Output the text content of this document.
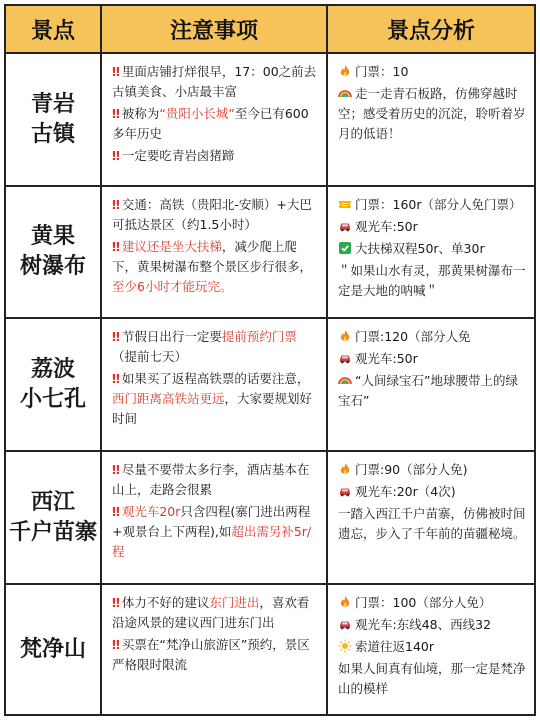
景点	注意事项	景点分析
青岩
古镇
‼ 里面店铺打烊很早，17：00之前去古镇美食、小店最丰富
‼ 被称为“贵阳小长城”至今已有600多年历史
‼ 一定要吃青岩卤猪蹄
门票：10
走一走青石板路，仿佛穿越时空；感受着历史的沉淀，聆听着岁月的低语！
黄果
树瀑布
‼ 交通：高铁（贵阳北-安顺）+大巴可抵达景区（约1.5小时）
‼ 建议还是坐大扶梯，减少爬上爬下，黄果树瀑布整个景区步行很多，至少6小时才能玩完。
门票：160r（部分人免门票）
观光车:50r
大扶梯双程50r、单30r
＂如果山水有灵，那黄果树瀑布一定是大地的呐喊＂
荔波
小七孔
‼ 节假日出行一定要提前预约门票（提前七天）
‼ 如果买了返程高铁票的话要注意，西门距离高铁站更远，大家要规划好时间
门票:120（部分人免
观光车:50r
“人间绿宝石”地球腰带上的绿宝石”
西江
千户苗寨
‼ 尽量不要带太多行李，酒店基本在山上，走路会很累
‼ 观光车20r只含四程(寨门进出两程+观景台上下两程),如超出需另补5r/程
门票:90（部分人免)
观光车:20r（4次)
一踏入西江千户苗寨，仿佛被时间遗忘，步入了千年前的苗疆秘境。
梵净山
‼ 体力不好的建议东门进出，喜欢看沿途风景的建议西门进东门出
‼ 买票在“梵净山旅游区”预约，景区严格限时限流
门票：100（部分人免）
观光车:东线48、西线32
索道往返140r
如果人间真有仙境，那一定是梵净山的模样
